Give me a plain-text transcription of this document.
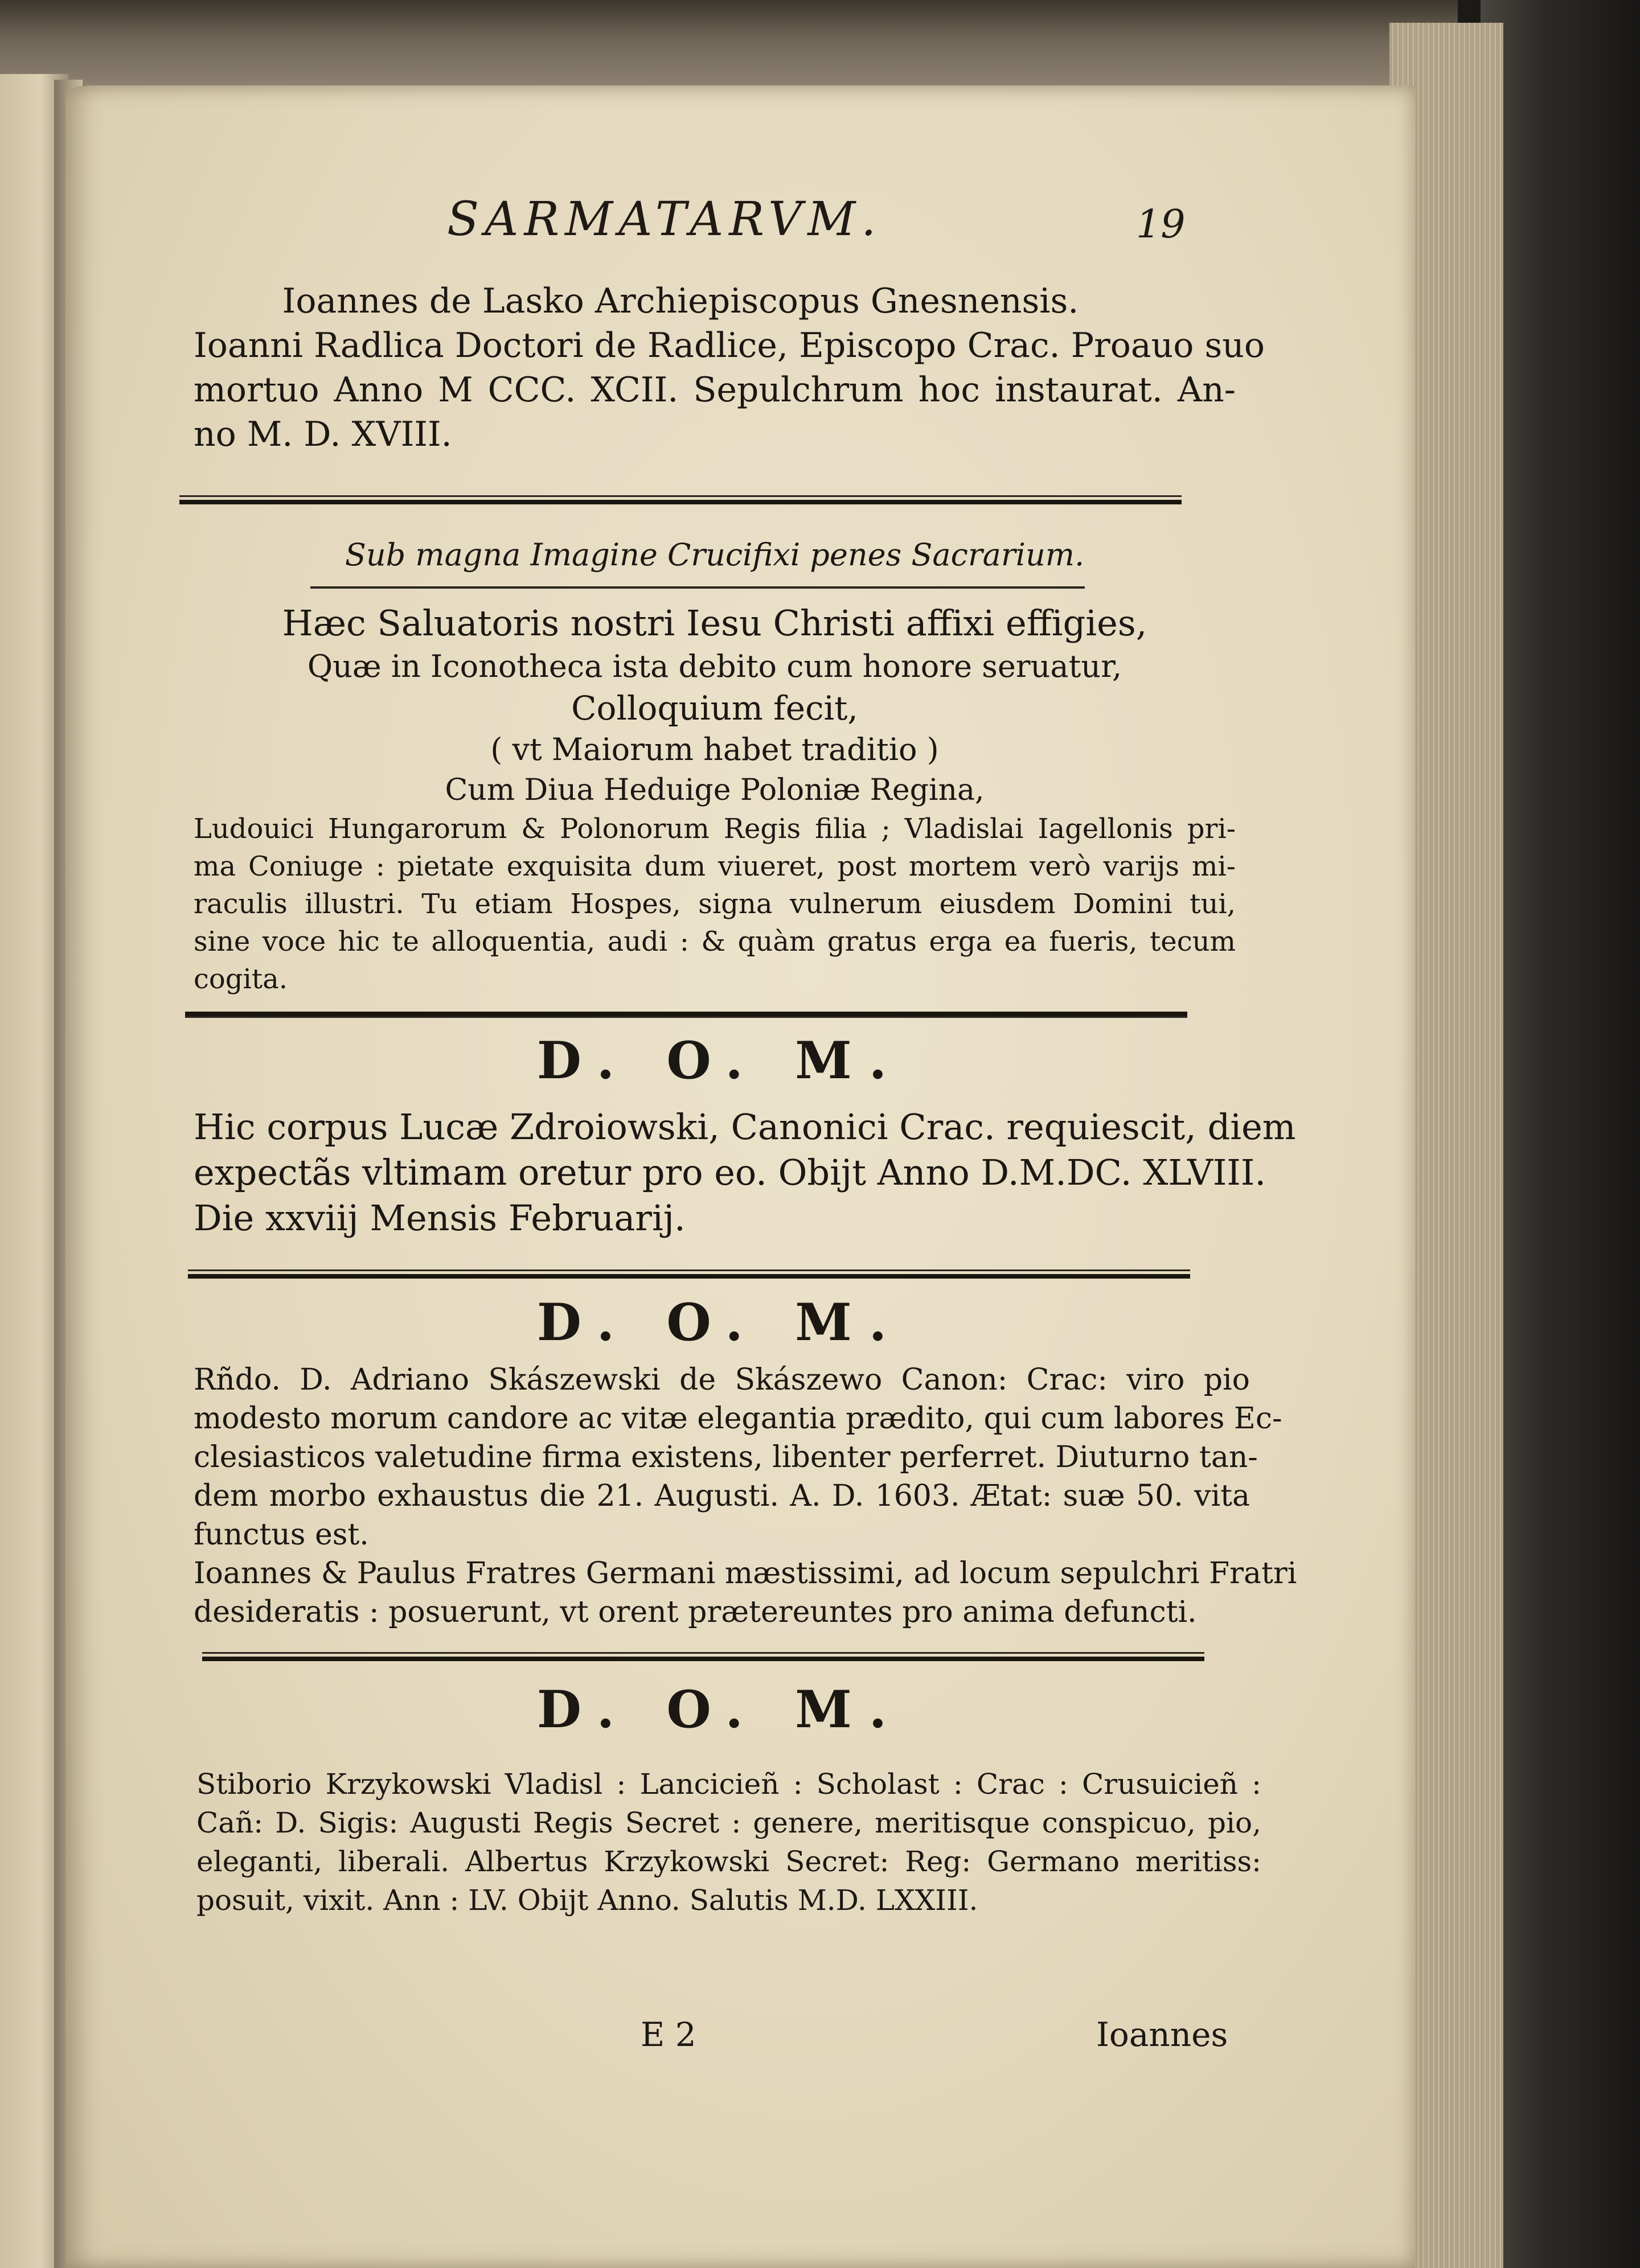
SARMATARVM.	19
Ioannes de Lasko Archiepiscopus Gnesnensis.
Ioanni Radlica Doctori de Radlice, Episcopo Crac. Proauo suo
mortuo Anno M CCC. XCII. Sepulchrum hoc instaurat. An-
no M. D. XVIII.
Sub magna Imagine Crucifixi penes Sacrarium.
Hæc Saluatoris nostri Iesu Christi affixi effigies,
Quæ in Iconotheca ista debito cum honore seruatur,
Colloquium fecit,
( vt Maiorum habet traditio )
Cum Diua Heduige Poloniæ Regina,
Ludouici Hungarorum & Polonorum Regis filia ; Vladislai Iagellonis pri-
ma Coniuge : pietate exquisita dum viueret, post mortem verò varijs mi-
raculis illustri. Tu etiam Hospes, signa vulnerum eiusdem Domini tui,
sine voce hic te alloquentia, audi : & quàm gratus erga ea fueris, tecum
cogita.
D. O. M.
Hic corpus Lucæ Zdroiowski, Canonici Crac. requiescit, diem
expectãs vltimam oretur pro eo. Obijt Anno D.M.DC. XLVIII.
Die xxviij Mensis Februarij.
D. O. M.
Rñdo. D. Adriano Skászewski de Skászewo Canon: Crac: viro pio
modesto morum candore ac vitæ elegantia prædito, qui cum labores Ec-
clesiasticos valetudine firma existens, libenter perferret. Diuturno tan-
dem morbo exhaustus die 21. Augusti. A. D. 1603. Ætat: suæ 50. vita
functus est.
Ioannes & Paulus Fratres Germani mæstissimi, ad locum sepulchri Fratri
desideratis : posuerunt, vt orent prætereuntes pro anima defuncti.
D. O. M.
Stiborio Krzykowski Vladisl : Lancicieñ : Scholast : Crac : Crusuicieñ :
Cañ: D. Sigis: Augusti Regis Secret : genere, meritisque conspicuo, pio,
eleganti, liberali. Albertus Krzykowski Secret: Reg: Germano meritiss:
posuit, vixit. Ann : LV. Obijt Anno. Salutis M.D. LXXIII.
E 2	Ioannes
